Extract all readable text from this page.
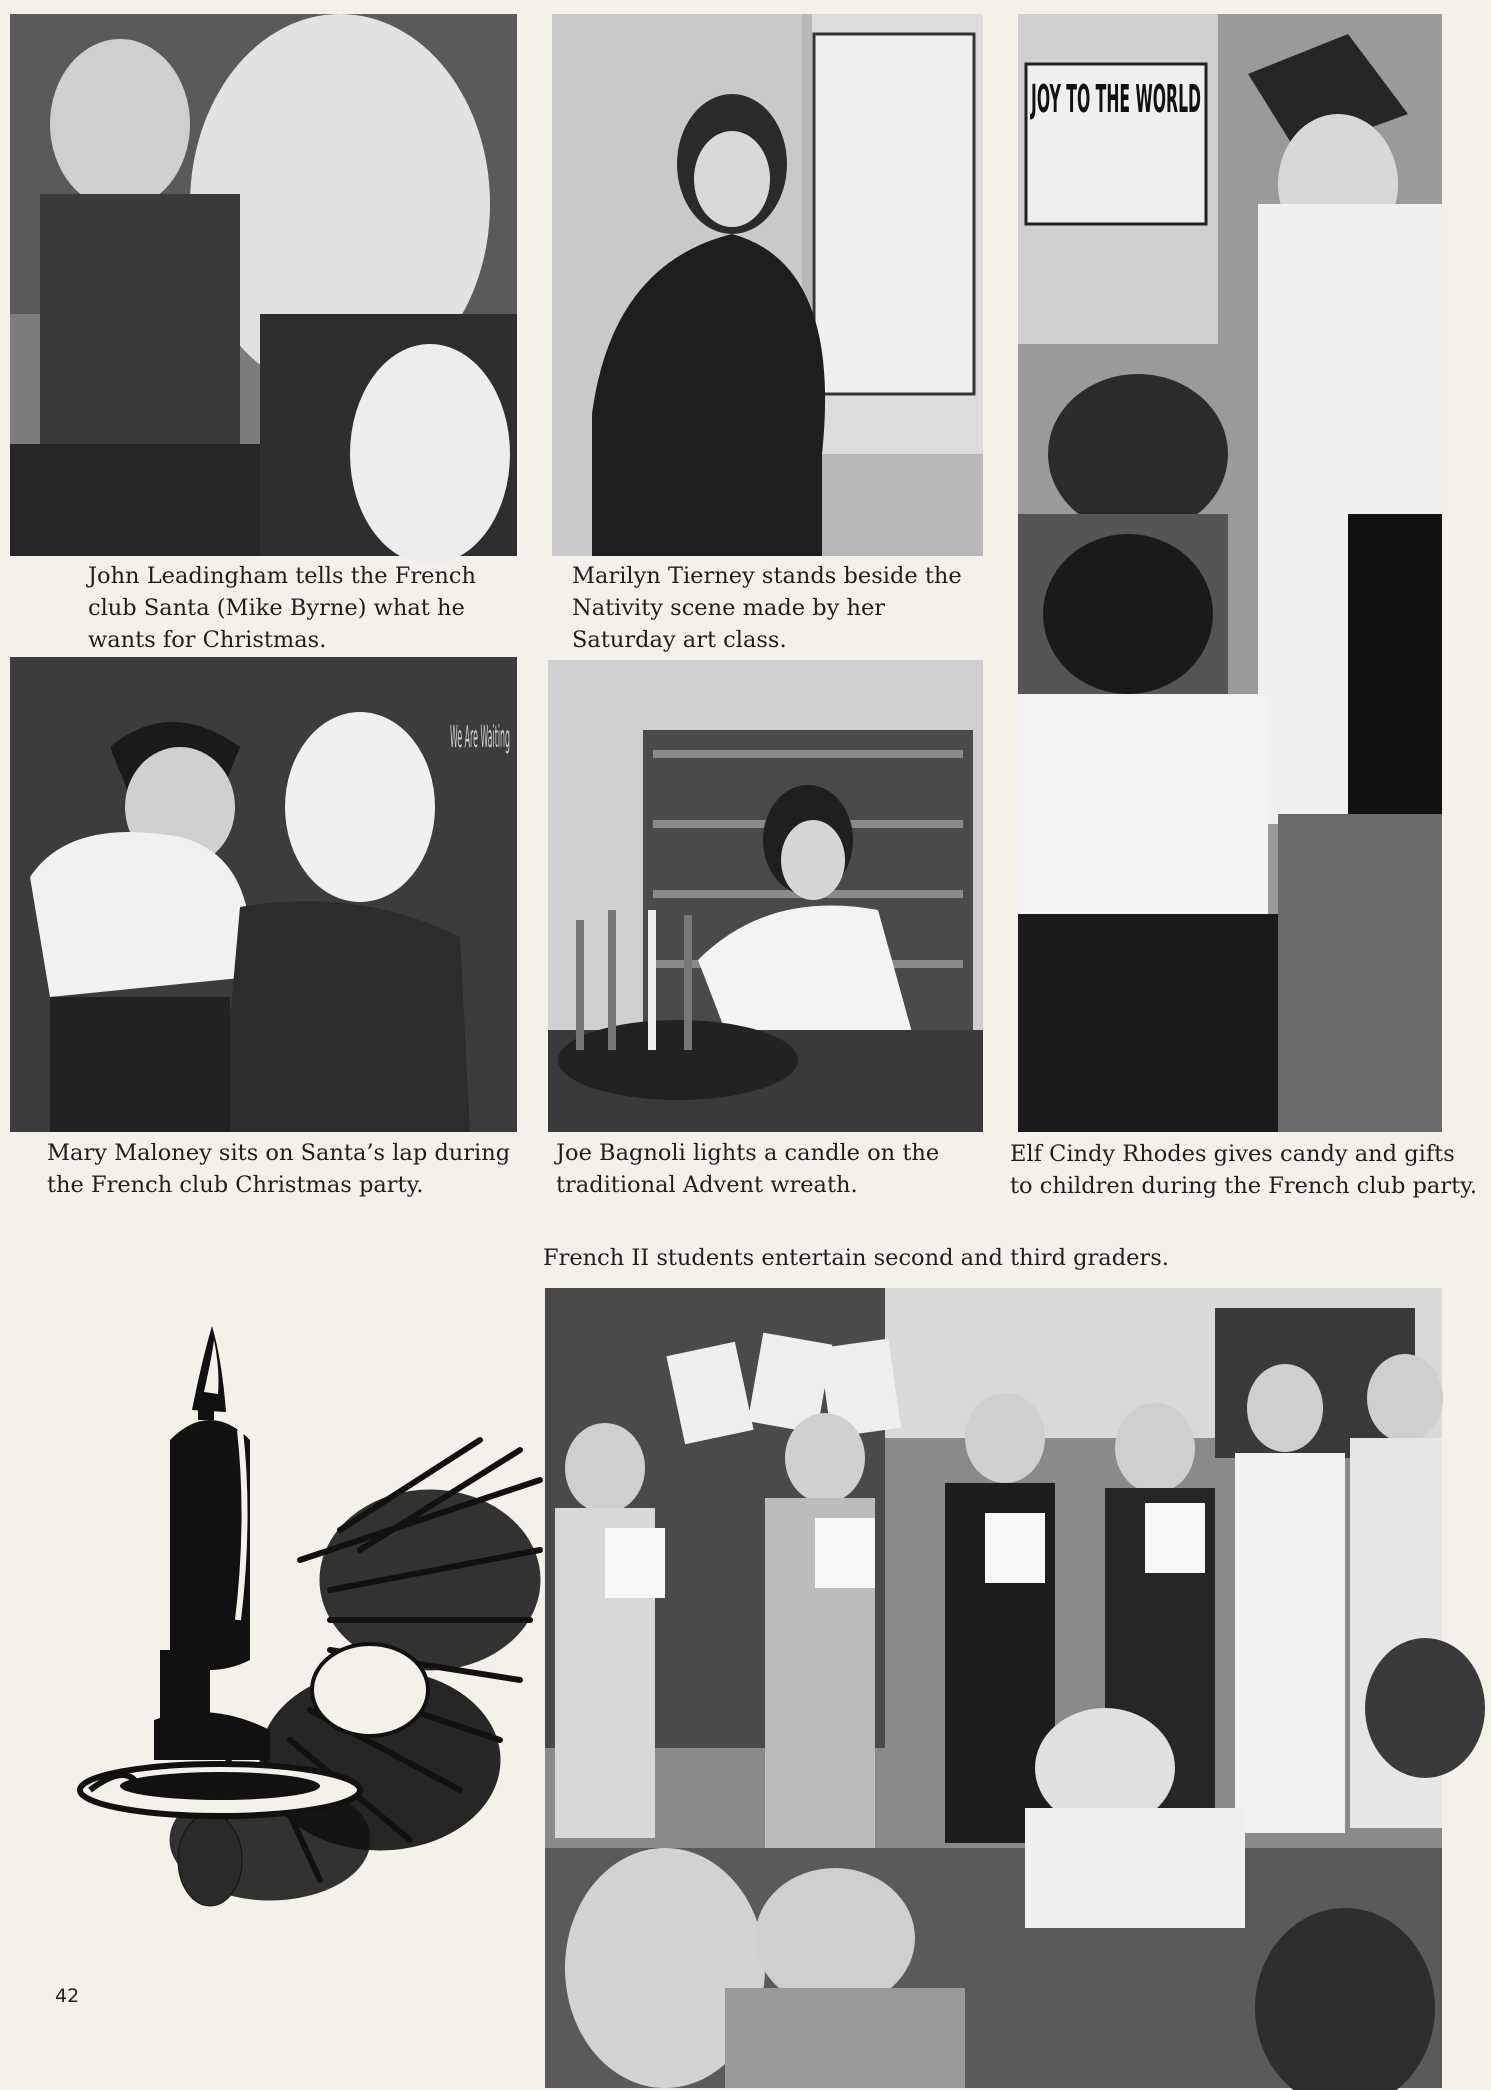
John Leadingham tells the French club Santa (Mike Byrne) what he wants for Christmas.

Marilyn Tierney stands beside the Nativity scene made by her Saturday art class.

JOY TO THE WORLD

Elf Cindy Rhodes gives candy and gifts to children during the French club party.

We Are Waiting

Mary Maloney sits on Santa’s lap during the French club Christmas party.

Joe Bagnoli lights a candle on the traditional Advent wreath.

French II students entertain second and third graders.

42
